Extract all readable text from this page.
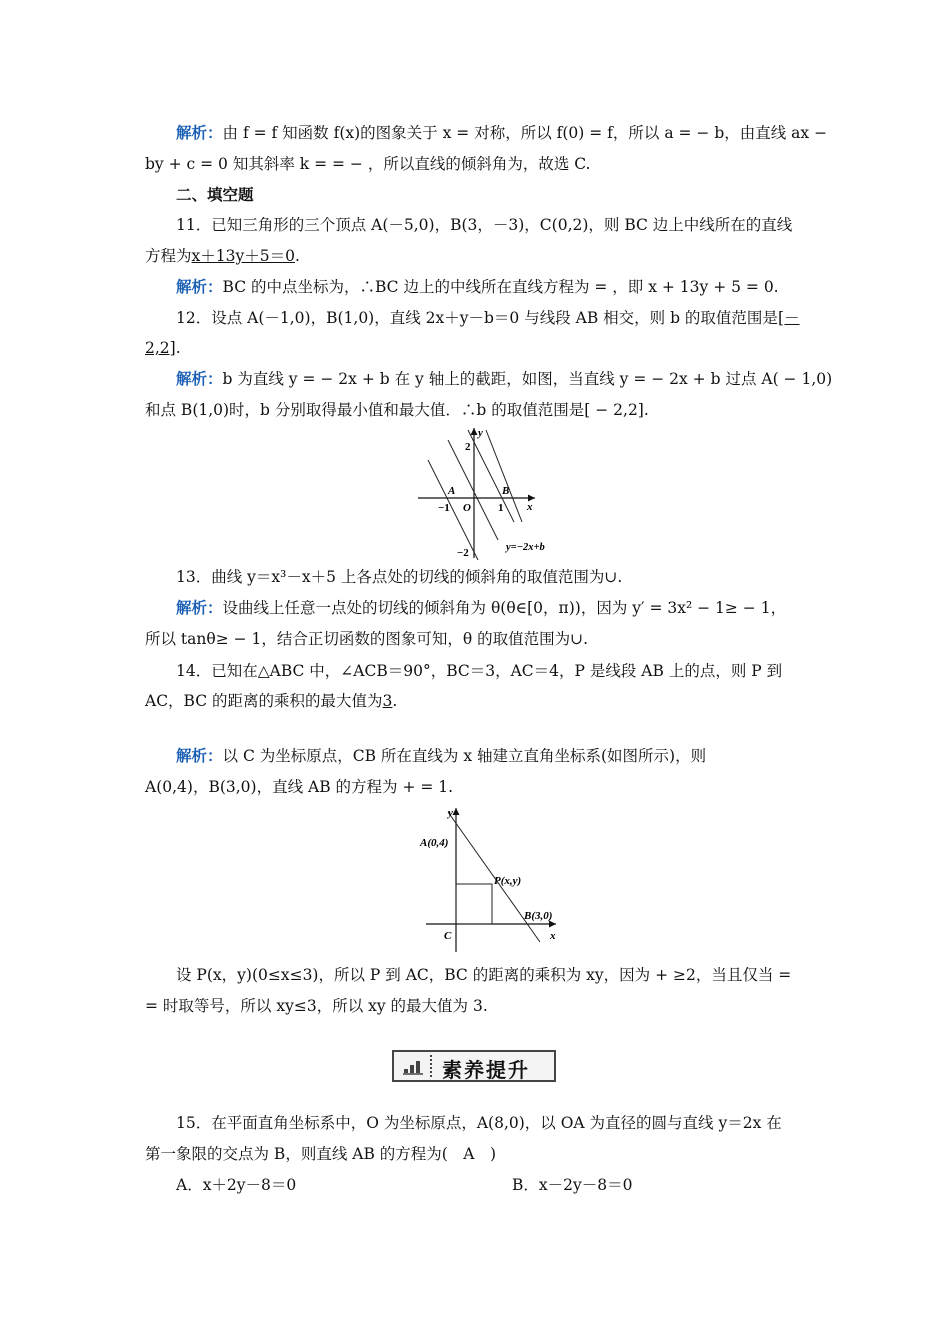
解析：由 f = f 知函数 f(x)的图象关于 x = 对称，所以 f(0) = f，所以 a = − b，由直线 ax −
by + c = 0 知其斜率 k = = − ，所以直线的倾斜角为，故选 C.
二、填空题
11．已知三角形的三个顶点 A(－5,0)，B(3，－3)，C(0,2)，则 BC 边上中线所在的直线
方程为x＋13y＋5＝0.
解析：BC 的中点坐标为，∴BC 边上的中线所在直线方程为 = ，即 x + 13y + 5 = 0.
12．设点 A(－1,0)，B(1,0)，直线 2x＋y－b＝0 与线段 AB 相交，则 b 的取值范围是[－
2,2].
解析：b 为直线 y = − 2x + b 在 y 轴上的截距，如图，当直线 y = − 2x + b 过点 A( − 1,0)
和点 B(1,0)时，b 分别取得最小值和最大值．∴b 的取值范围是[ − 2,2].
y
2
A	B
−1 O 1 x
−2	y=−2x+b
13．曲线 y＝x³－x＋5 上各点处的切线的倾斜角的取值范围为∪.
解析：设曲线上任意一点处的切线的倾斜角为 θ(θ∈[0，π))，因为 y′ = 3x² − 1≥ − 1，
所以 tanθ≥ − 1，结合正切函数的图象可知，θ 的取值范围为∪.
14．已知在△ABC 中，∠ACB＝90°，BC＝3，AC＝4，P 是线段 AB 上的点，则 P 到
AC，BC 的距离的乘积的最大值为3.
解析：以 C 为坐标原点，CB 所在直线为 x 轴建立直角坐标系(如图所示)，则
A(0,4)，B(3,0)，直线 AB 的方程为 + = 1.
y
A(0,4)
P(x,y)
B(3,0)
C	x
设 P(x，y)(0≤x≤3)，所以 P 到 AC，BC 的距离的乘积为 xy，因为 + ≥2，当且仅当 =
= 时取等号，所以 xy≤3，所以 xy 的最大值为 3.
素养提升
15．在平面直角坐标系中，O 为坐标原点，A(8,0)，以 OA 为直径的圆与直线 y＝2x 在
第一象限的交点为 B，则直线 AB 的方程为(　A　)
A．x＋2y－8＝0	B．x－2y－8＝0
